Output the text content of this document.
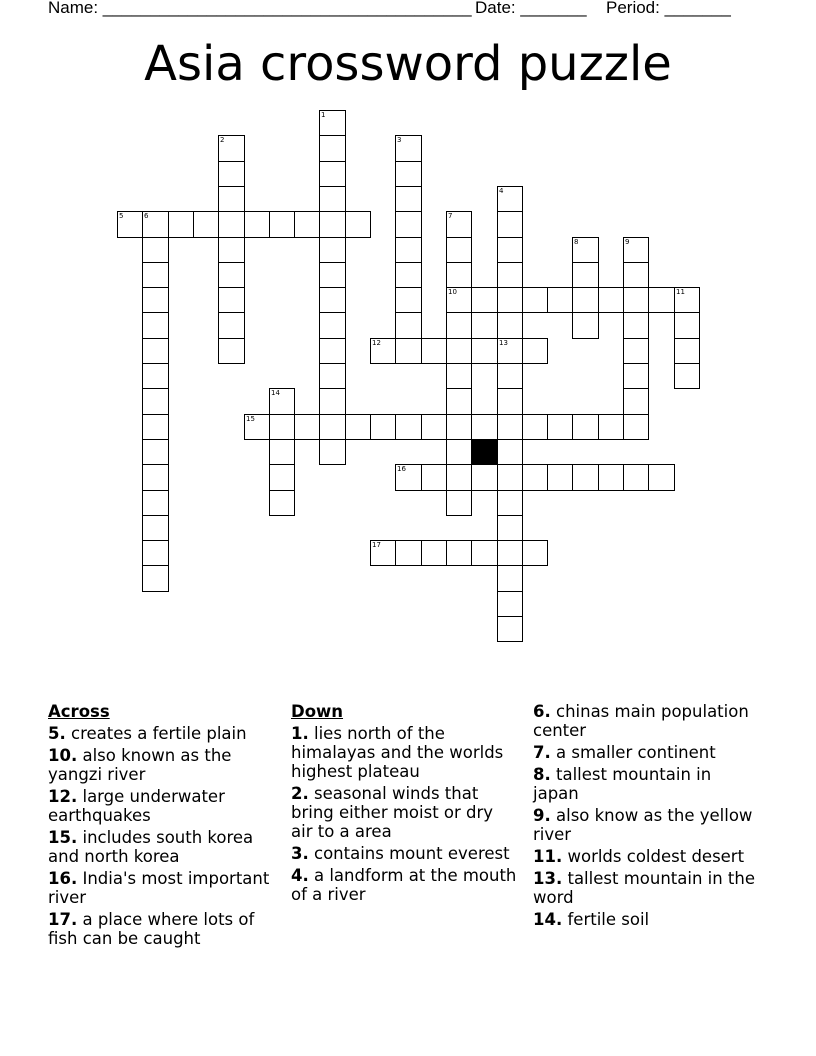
Name: _______________________________________ Date: _______ Period: _______
Asia crossword puzzle
1
2	3
4
13
5	6	7
10
8	9
11
12
14
15
16
17
Across
5. creates a fertile plain
10. also known as the yangzi river
12. large underwater earthquakes
15. includes south korea and north korea
16. India's most important river
17. a place where lots of fish can be caught
Down
1. lies north of the himalayas and the worlds highest plateau
2. seasonal winds that bring either moist or dry air to a area
3. contains mount everest
4. a landform at the mouth of a river
6. chinas main population center
7. a smaller continent
8. tallest mountain in japan
9. also know as the yellow river
11. worlds coldest desert
13. tallest mountain in the word
14. fertile soil
